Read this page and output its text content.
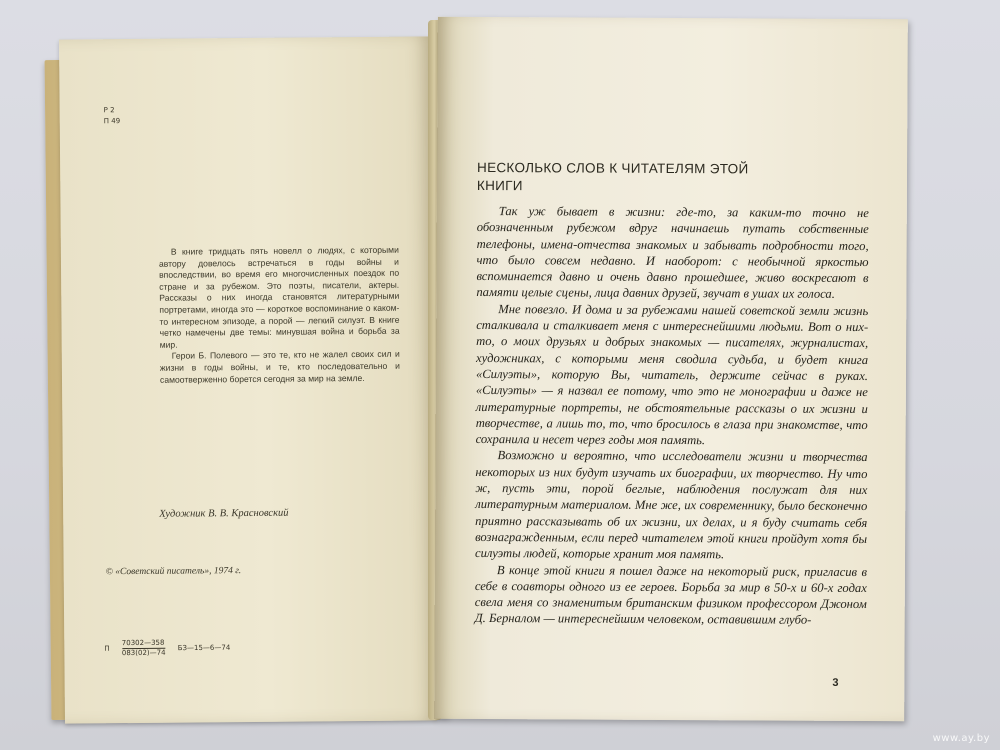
Р 2
П 49

В книге тридцать пять новелл о людях, с которыми автору довелось встречаться в годы войны и впоследствии, во время его многочисленных поездок по стране и за рубежом. Это поэты, писатели, актеры. Рассказы о них иногда становятся литературными портретами, иногда это — короткое воспоминание о каком-то интересном эпизоде, а порой — легкий силуэт. В книге четко намечены две темы: минувшая война и борьба за мир.

Герои Б. Полевого — это те, кто не жалел своих сил и жизни в годы войны, и те, кто последовательно и самоотверженно борется сегодня за мир на земле.

Художник В. В. Красновский
© «Советский писатель», 1974 г.
П $\frac{70302—358}{083(02)—74}$ БЗ—15—6—74
НЕСКОЛЬКО СЛОВ К ЧИТАТЕЛЯМ ЭТОЙ
КНИГИ

Так уж бывает в жизни: где-то, за каким-то точно не обозначенным рубежом вдруг начинаешь путать собственные телефоны, имена-отчества знакомых и забывать подробности того, что было совсем недавно. И наоборот: с необычной яркостью вспоминается давно и очень давно прошедшее, живо воскресают в памяти целые сцены, лица давних друзей, звучат в ушах их голоса.

Мне повезло. И дома и за рубежами нашей советской земли жизнь сталкивала и сталкивает меня с интереснейшими людьми. Вот о них-то, о моих друзьях и добрых знакомых — писателях, журналистах, художниках, с которыми меня сводила судьба, и будет книга «Силуэты», которую Вы, читатель, держите сейчас в руках. «Силуэты» — я назвал ее потому, что это не монографии и даже не литературные портреты, не обстоятельные рассказы о их жизни и творчестве, а лишь то, то, что бросилось в глаза при знакомстве, что сохранила и несет через годы моя память.

Возможно и вероятно, что исследователи жизни и творчества некоторых из них будут изучать их биографии, их творчество. Ну что ж, пусть эти, порой беглые, наблюдения послужат для них литературным материалом. Мне же, их современнику, было бесконечно приятно рассказывать об их жизни, их делах, и я буду считать себя вознагражденным, если перед читателем этой книги пройдут хотя бы силуэты людей, которые хранит моя память.

В конце этой книги я пошел даже на некоторый риск, пригласив в себе в соавторы одного из ее героев. Борьба за мир в 50-х и 60-х годах свела меня со знаменитым британским физиком профессором Джоном Д. Берналом — интереснейшим человеком, оставившим глубо-

3
www.ay.by
